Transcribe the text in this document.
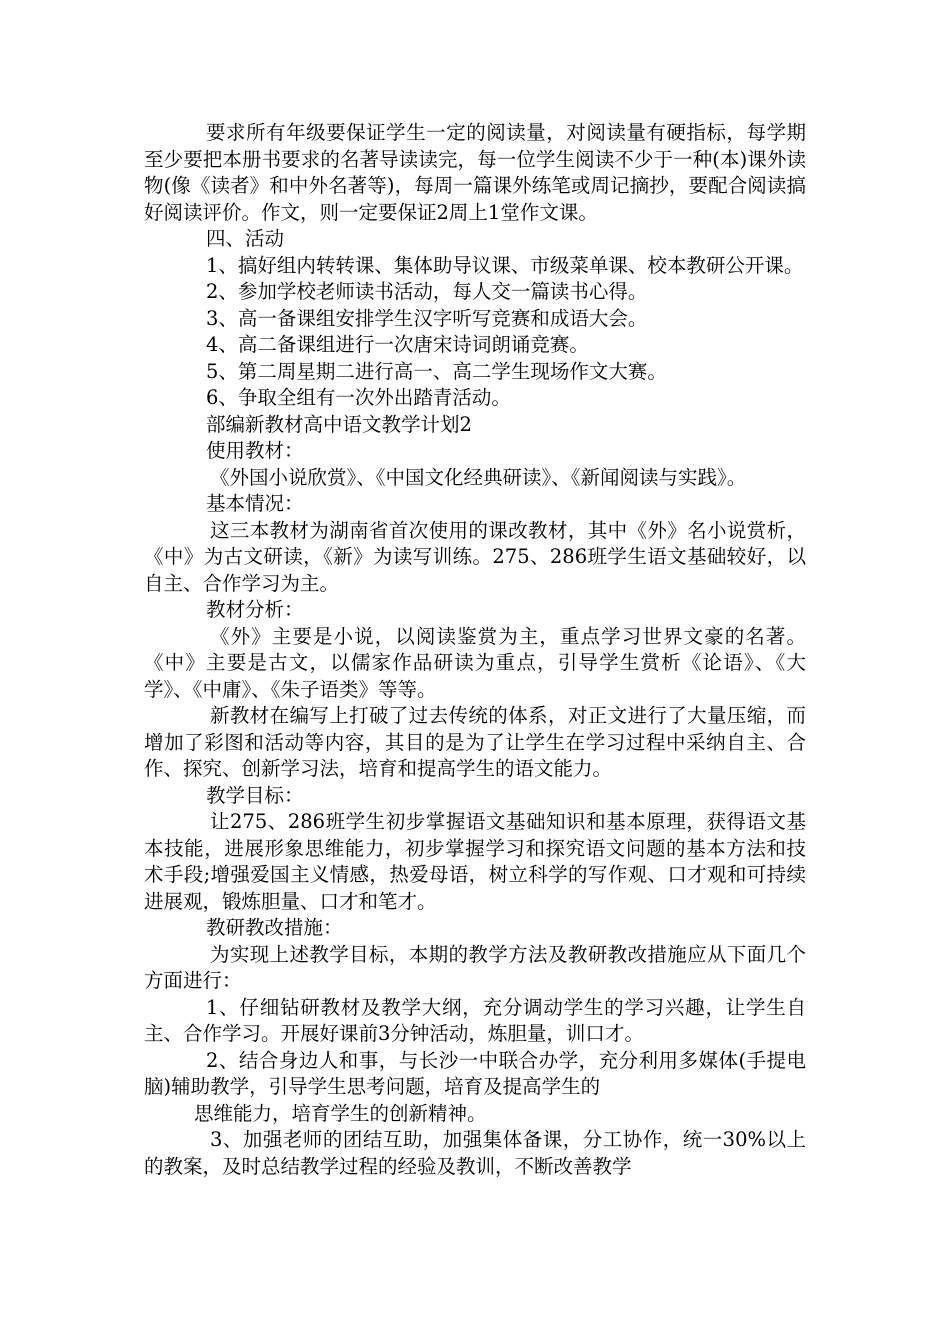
要求所有年级要保证学生一定的阅读量，对阅读量有硬指标，每学期至少要把本册书要求的名著导读读完，每一位学生阅读不少于一种(本)课外读物(像《读者》和中外名著等)，每周一篇课外练笔或周记摘抄，要配合阅读搞好阅读评价。作文，则一定要保证2周上1堂作文课。

四、活动

1、搞好组内转转课、集体助导议课、市级菜单课、校本教研公开课。

2、参加学校老师读书活动，每人交一篇读书心得。

3、高一备课组安排学生汉字听写竞赛和成语大会。

4、高二备课组进行一次唐宋诗词朗诵竞赛。

5、第二周星期二进行高一、高二学生现场作文大赛。

6、争取全组有一次外出踏青活动。

部编新教材高中语文教学计划2

使用教材：

《外国小说欣赏》、《中国文化经典研读》、《新闻阅读与实践》。

基本情况：

这三本教材为湖南省首次使用的课改教材，其中《外》名小说赏析，《中》为古文研读，《新》为读写训练。275、286班学生语文基础较好，以自主、合作学习为主。

教材分析：

《外》主要是小说，以阅读鉴赏为主，重点学习世界文豪的名著。《中》主要是古文，以儒家作品研读为重点，引导学生赏析《论语》、《大学》、《中庸》、《朱子语类》等等。

新教材在编写上打破了过去传统的体系，对正文进行了大量压缩，而增加了彩图和活动等内容，其目的是为了让学生在学习过程中采纳自主、合作、探究、创新学习法，培育和提高学生的语文能力。

教学目标：

让275、286班学生初步掌握语文基础知识和基本原理，获得语文基本技能，进展形象思维能力，初步掌握学习和探究语文问题的基本方法和技术手段;增强爱国主义情感，热爱母语，树立科学的写作观、口才观和可持续进展观，锻炼胆量、口才和笔才。

教研教改措施：

为实现上述教学目标，本期的教学方法及教研教改措施应从下面几个方面进行：

1、仔细钻研教材及教学大纲，充分调动学生的学习兴趣，让学生自主、合作学习。开展好课前3分钟活动，炼胆量，训口才。

2、结合身边人和事，与长沙一中联合办学，充分利用多媒体(手提电脑)辅助教学，引导学生思考问题，培育及提高学生的

思维能力，培育学生的创新精神。

3、加强老师的团结互助，加强集体备课，分工协作，统一30%以上的教案，及时总结教学过程的经验及教训，不断改善教学
